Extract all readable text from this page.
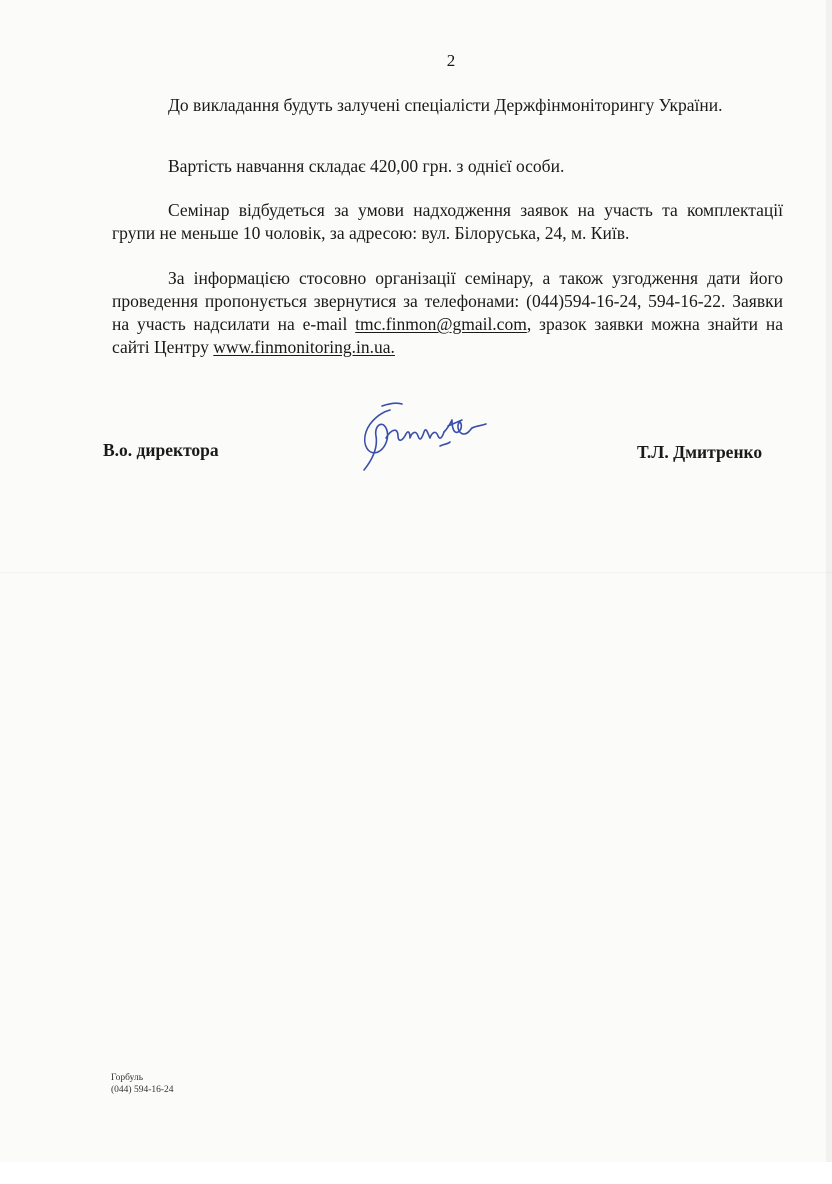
2

До викладання будуть залучені спеціалісти Держфінмоніторингу України.

Вартість навчання складає 420,00 грн. з однієї особи.

Семінар відбудеться за умови надходження заявок на участь та комплектації групи не меньше 10 чоловік, за адресою: вул. Білоруська, 24, м. Київ.

За інформацією стосовно організації семінару, а також узгодження дати його проведення пропонується звернутися за телефонами: (044)594-16-24, 594-16-22. Заявки на участь надсилати на e-mail tmc.finmon@gmail.com, зразок заявки можна знайти на сайті Центру www.finmonitoring.in.ua.

В.о. директора	Т.Л. Дмитренко
Горбуль
(044) 594-16-24
